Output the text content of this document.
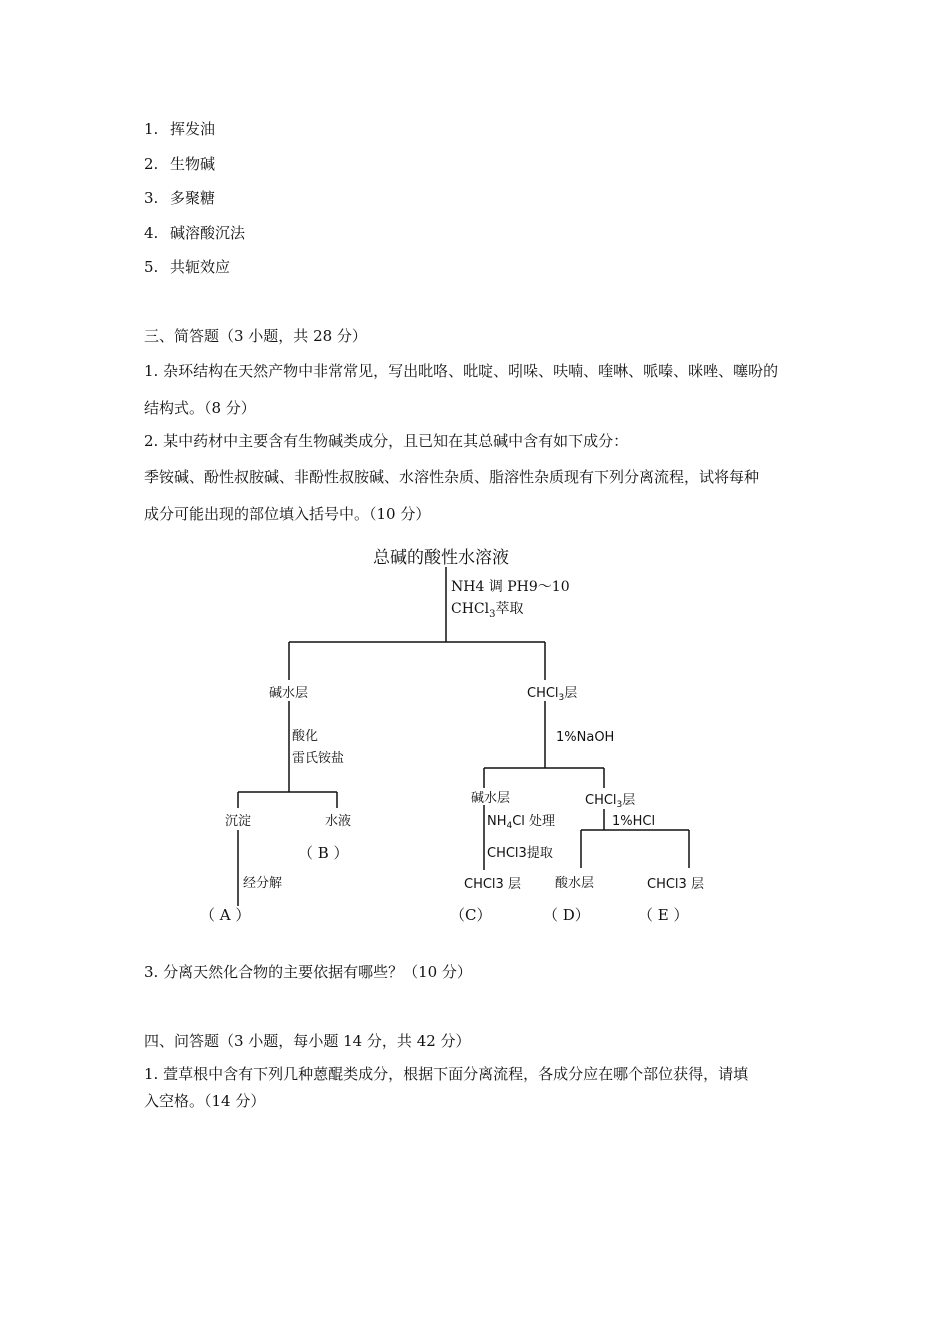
1. 挥发油
2. 生物碱
3. 多聚糖
4. 碱溶酸沉法
5. 共轭效应
三、简答题（3 小题，共 28 分）
1. 杂环结构在天然产物中非常常见，写出吡咯、吡啶、吲哚、呋喃、喹啉、哌嗪、咪唑、噻吩的
结构式。（8 分）
2. 某中药材中主要含有生物碱类成分，且已知在其总碱中含有如下成分：
季铵碱、酚性叔胺碱、非酚性叔胺碱、水溶性杂质、脂溶性杂质现有下列分离流程，试将每种
成分可能出现的部位填入括号中。（10 分）
总碱的酸性水溶液
NH4 调 PH9～10
CHCl$_3$萃取
碱水层	CHCl$_3$层
酸化
雷氏铵盐
1%NaOH
沉淀	水液
（ B ）
经分解
（ A ）
碱水层
$NH_4Cl$ 处理
CHCl3提取
CHCl3 层
（C）
CHCl$_3$层
1%HCl
酸水层
（ D）
CHCl3 层
（ E ）
3. 分离天然化合物的主要依据有哪些？（10 分）
四、问答题（3 小题，每小题 14 分，共 42 分）
1. 萱草根中含有下列几种蒽醌类成分，根据下面分离流程，各成分应在哪个部位获得，请填
入空格。（14 分）
